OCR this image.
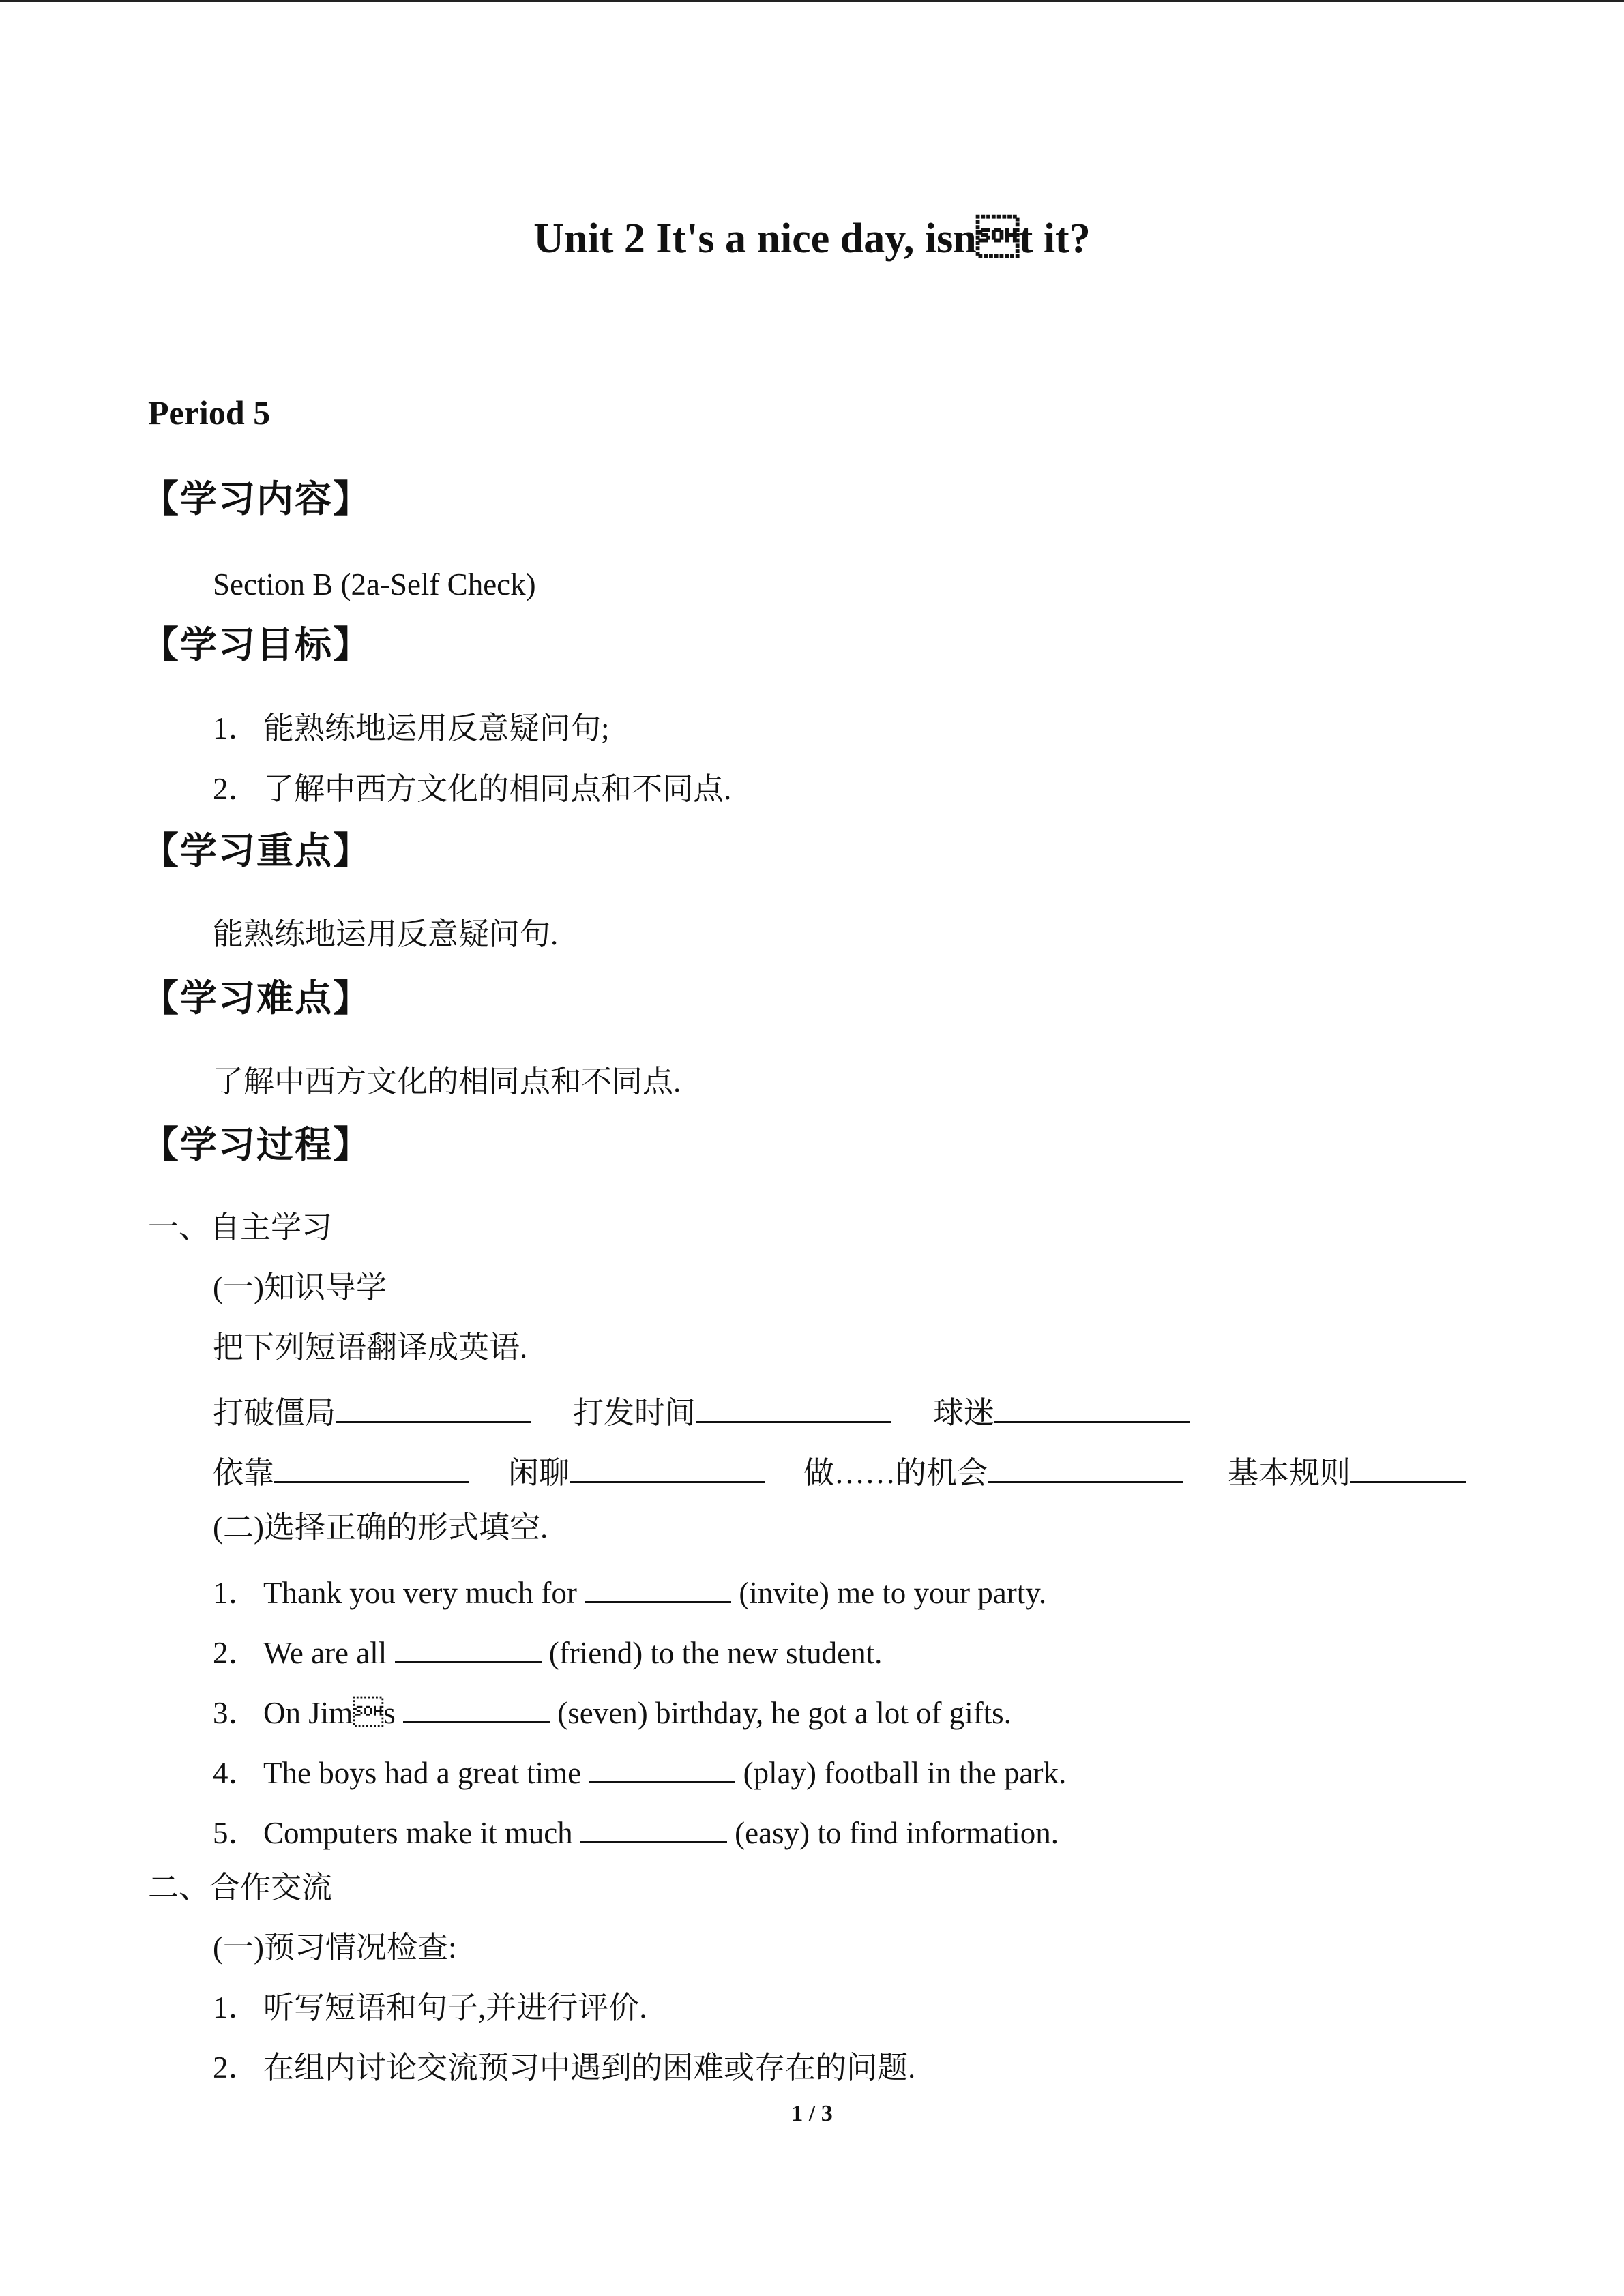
Unit 2 It's a nice day, isnt it?
Period 5
【学习内容】
Section B (2a-Self Check)
【学习目标】
1． 能熟练地运用反意疑问句;
2． 了解中西方文化的相同点和不同点.
【学习重点】
能熟练地运用反意疑问句.
【学习难点】
了解中西方文化的相同点和不同点.
【学习过程】
一、自主学习
(一)知识导学
把下列短语翻译成英语.
打破僵局	打发时间	球迷
依靠	闲聊	做……的机会	基本规则
(二)选择正确的形式填空.
1． Thank you very much for	(invite) me to your party.
2． We are all	(friend) to the new student.
3． On Jims	(seven) birthday, he got a lot of gifts.
4． The boys had a great time	(play) football in the park.
5． Computers make it much	(easy) to find information.
二、合作交流
(一)预习情况检查:
1． 听写短语和句子,并进行评价.
2． 在组内讨论交流预习中遇到的困难或存在的问题.
1 / 3
